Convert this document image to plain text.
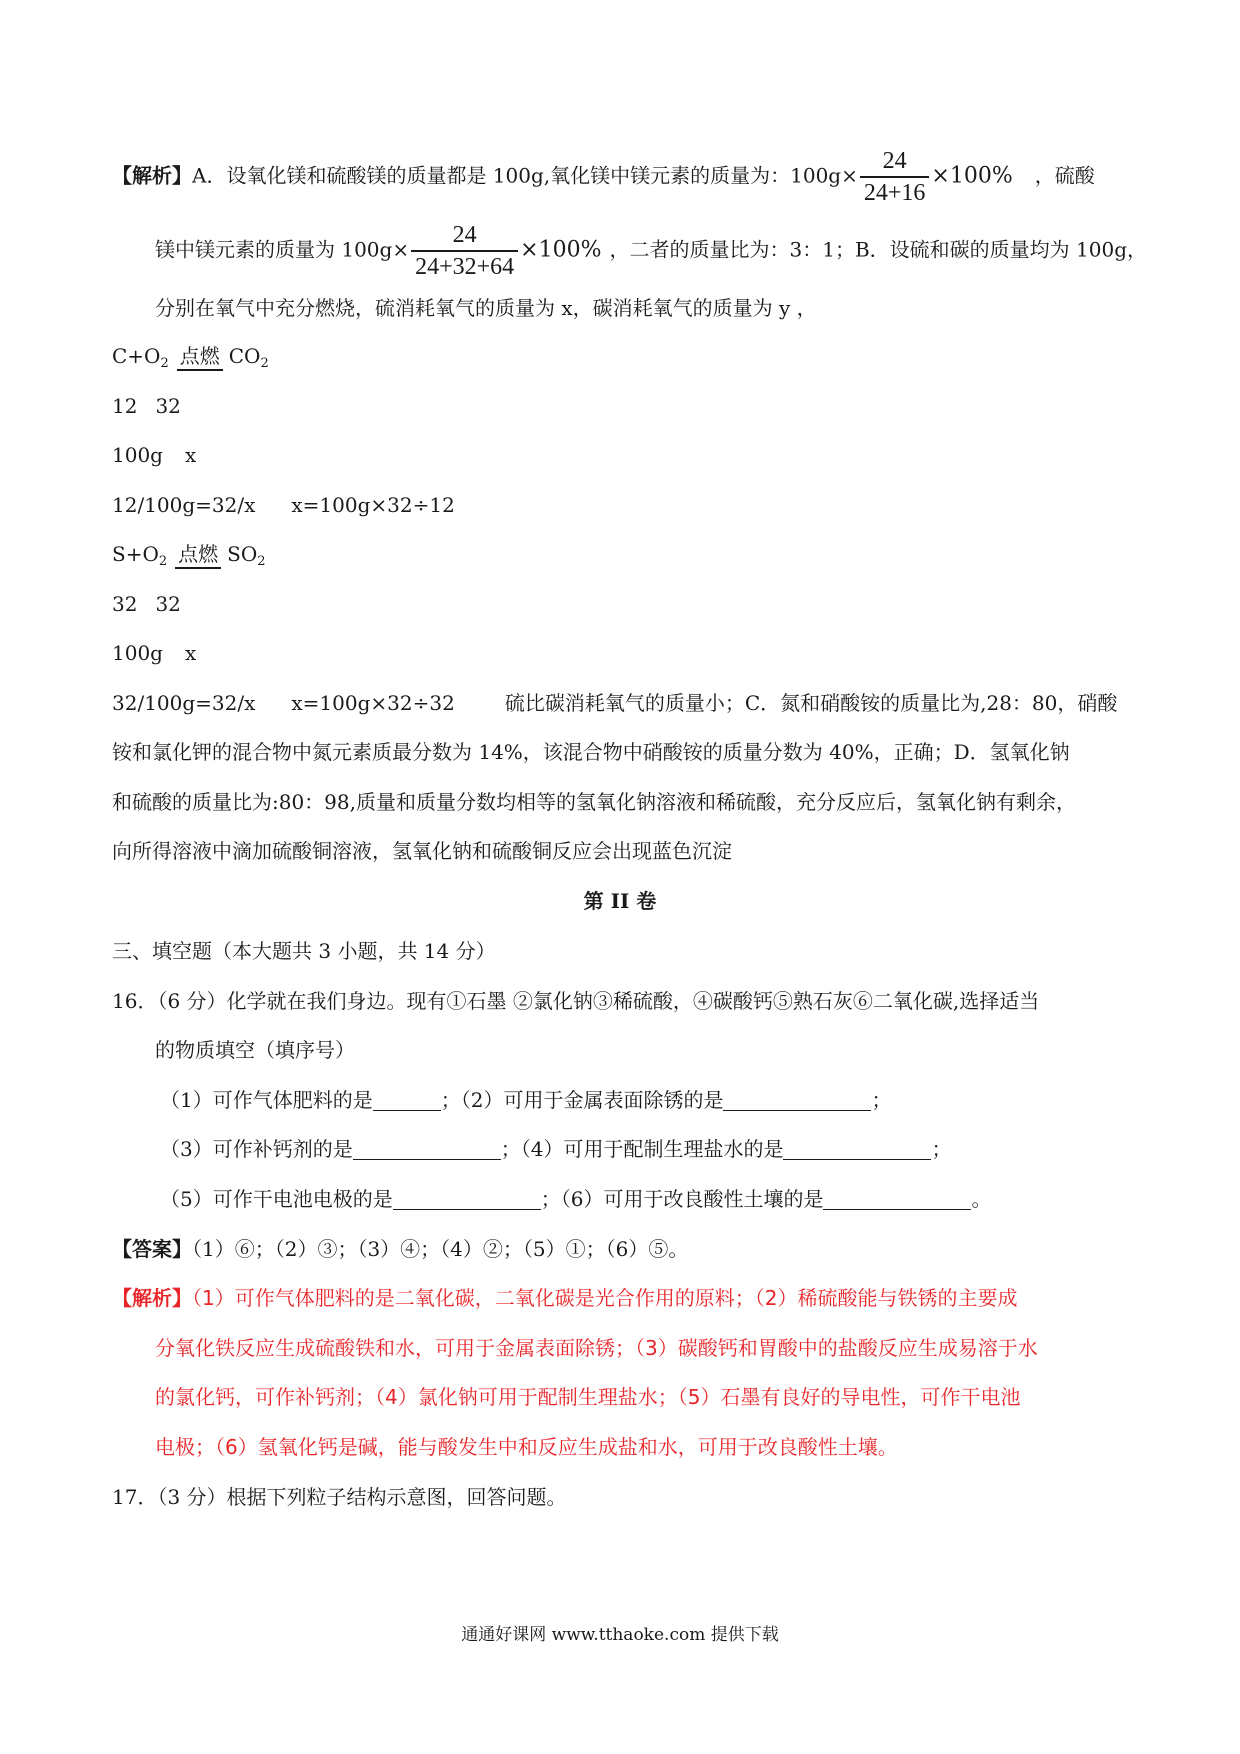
【解析】A．设氧化镁和硫酸镁的质量都是 100g,氧化镁中镁元素的质量为：$100g\times \frac{24}{24+16} \times 100\%$ ，硫酸
镁中镁元素的质量为 $100g\times \frac{24}{24+32+64} \times 100\%$ ，二者的质量比为：3：1；B．设硫和碳的质量均为 100g，
分别在氧气中充分燃烧，硫消耗氧气的质量为 x，碳消耗氧气的质量为 y ，
$C+O_2$ 点燃 $CO_2$
12 32
100g x
12/100g=32/x x=100g×32÷12
$S+O_2$ 点燃 $SO_2$
32 32
100g x
32/100g=32/x x=100g×32÷32	硫比碳消耗氧气的质量小；C．氮和硝酸铵的质量比为,28：80，硝酸
铵和氯化钾的混合物中氮元素质最分数为 14%，该混合物中硝酸铵的质量分数为 40%，正确；D．氢氧化钠
和硫酸的质量比为:80：98,质量和质量分数均相等的氢氧化钠溶液和稀硫酸，充分反应后，氢氧化钠有剩余，
向所得溶液中滴加硫酸铜溶液，氢氧化钠和硫酸铜反应会出现蓝色沉淀
第 II 卷
三、填空题（本大题共 3 小题，共 14 分）
16．（6 分）化学就在我们身边。现有①石墨 ②氯化钠③稀硫酸，④碳酸钙⑤熟石灰⑥二氧化碳,选择适当
的物质填空（填序号）
（1）可作气体肥料的是	；（2）可用于金属表面除锈的是	；
（3）可作补钙剂的是	；（4）可用于配制生理盐水的是	；
（5）可作干电池电极的是	；（6）可用于改良酸性土壤的是	。
【答案】（1）⑥；（2）③；（3）④；（4）②；（5）①；（6）⑤。
【解析】（1）可作气体肥料的是二氧化碳，二氧化碳是光合作用的原料；（2）稀硫酸能与铁锈的主要成
分氧化铁反应生成硫酸铁和水，可用于金属表面除锈；（3）碳酸钙和胃酸中的盐酸反应生成易溶于水
的氯化钙，可作补钙剂；（4）氯化钠可用于配制生理盐水；（5）石墨有良好的导电性，可作干电池
电极；（6）氢氧化钙是碱，能与酸发生中和反应生成盐和水，可用于改良酸性土壤。
17．（3 分）根据下列粒子结构示意图，回答问题。
通通好课网 www.tthaoke.com 提供下载
